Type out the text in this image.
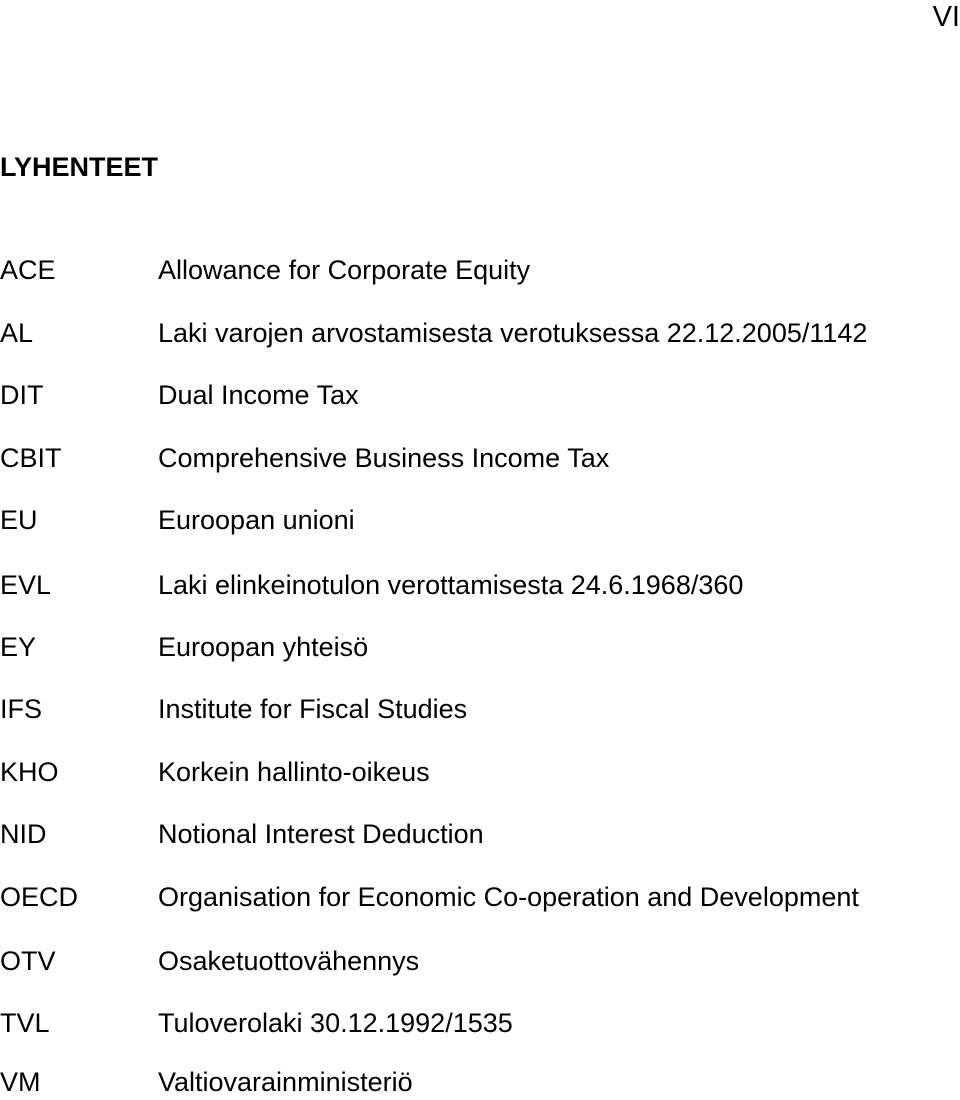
VI
LYHENTEET
ACE	Allowance for Corporate Equity
AL	Laki varojen arvostamisesta verotuksessa 22.12.2005/1142
DIT	Dual Income Tax
CBIT	Comprehensive Business Income Tax
EU	Euroopan unioni
EVL	Laki elinkeinotulon verottamisesta 24.6.1968/360
EY	Euroopan yhteisö
IFS	Institute for Fiscal Studies
KHO	Korkein hallinto-oikeus
NID	Notional Interest Deduction
OECD	Organisation for Economic Co-operation and Development
OTV	Osaketuottovähennys
TVL	Tuloverolaki 30.12.1992/1535
VM	Valtiovarainministeriö
